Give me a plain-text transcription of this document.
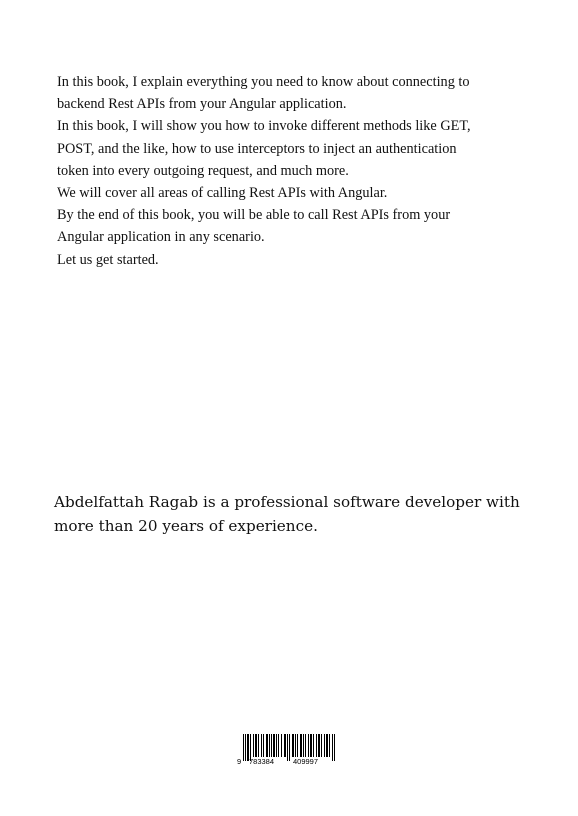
In this book, I explain everything you need to know about connecting to
backend Rest APIs from your Angular application.
In this book, I will show you how to invoke different methods like GET,
POST, and the like, how to use interceptors to inject an authentication
token into every outgoing request, and much more.
We will cover all areas of calling Rest APIs with Angular.
By the end of this book, you will be able to call Rest APIs from your
Angular application in any scenario.
Let us get started.

Abdelfattah Ragab is a professional software developer with
more than 20 years of experience.

9 783384	409997
